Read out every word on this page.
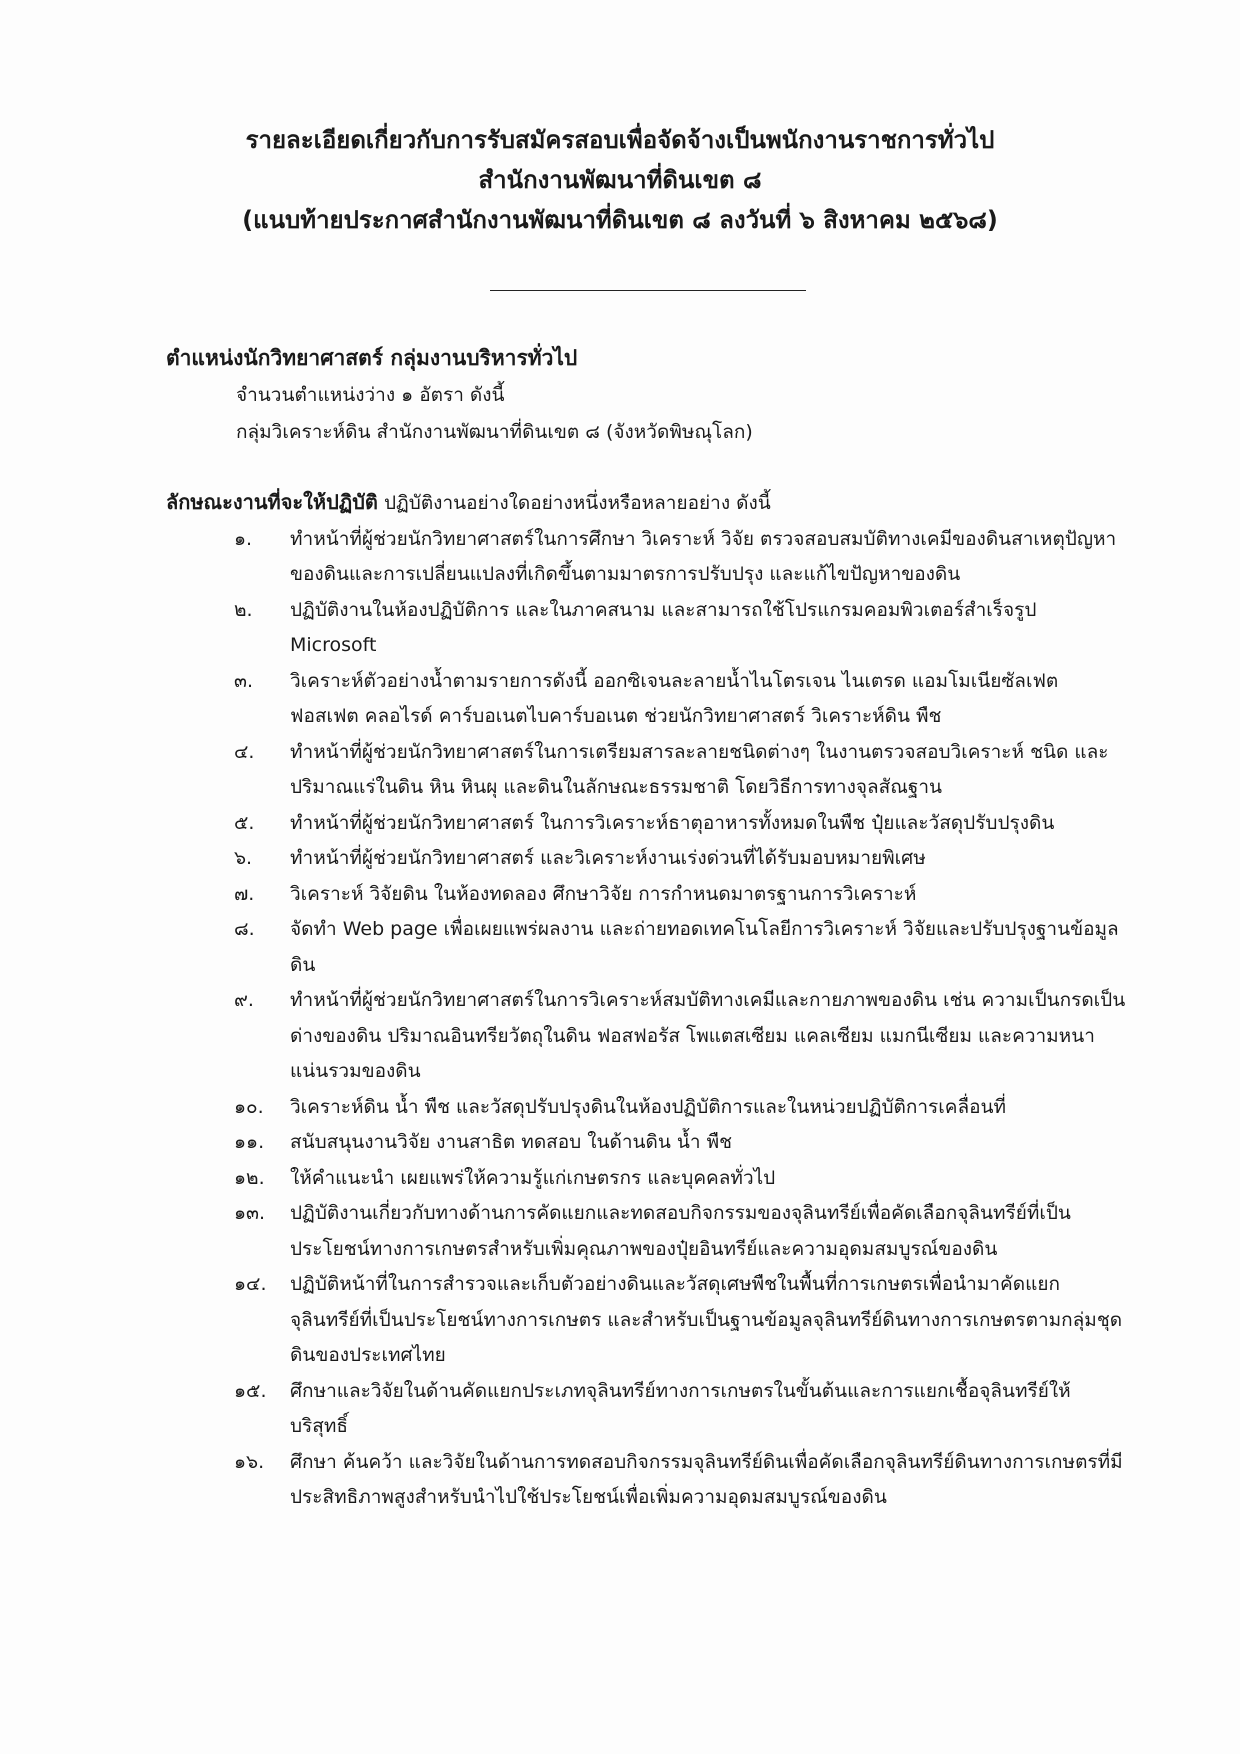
รายละเอียดเกี่ยวกับการรับสมัครสอบเพื่อจัดจ้างเป็นพนักงานราชการทั่วไป
สำนักงานพัฒนาที่ดินเขต ๘
(แนบท้ายประกาศสำนักงานพัฒนาที่ดินเขต ๘ ลงวันที่ ๖ สิงหาคม ๒๕๖๘)
ตำแหน่งนักวิทยาศาสตร์ กลุ่มงานบริหารทั่วไป
จำนวนตำแหน่งว่าง ๑ อัตรา ดังนี้
กลุ่มวิเคราะห์ดิน สำนักงานพัฒนาที่ดินเขต ๘ (จังหวัดพิษณุโลก)
ลักษณะงานที่จะให้ปฏิบัติ ปฏิบัติงานอย่างใดอย่างหนึ่งหรือหลายอย่าง ดังนี้
๑.	ทำหน้าที่ผู้ช่วยนักวิทยาศาสตร์ในการศึกษา วิเคราะห์ วิจัย ตรวจสอบสมบัติทางเคมีของดินสาเหตุปัญหาของดินและการเปลี่ยนแปลงที่เกิดขึ้นตามมาตรการปรับปรุง และแก้ไขปัญหาของดิน
๒.	ปฏิบัติงานในห้องปฏิบัติการ และในภาคสนาม และสามารถใช้โปรแกรมคอมพิวเตอร์สำเร็จรูป Microsoft
๓.	วิเคราะห์ตัวอย่างน้ำตามรายการดังนี้ ออกซิเจนละลายน้ำไนโตรเจน ไนเตรด แอมโมเนียซัลเฟต ฟอสเฟต คลอไรด์ คาร์บอเนตไบคาร์บอเนต ช่วยนักวิทยาศาสตร์ วิเคราะห์ดิน พืช
๔.	ทำหน้าที่ผู้ช่วยนักวิทยาศาสตร์ในการเตรียมสารละลายชนิดต่างๆ ในงานตรวจสอบวิเคราะห์ ชนิด และปริมาณแร่ในดิน หิน หินผุ และดินในลักษณะธรรมชาติ โดยวิธีการทางจุลสัณฐาน
๕.	ทำหน้าที่ผู้ช่วยนักวิทยาศาสตร์ ในการวิเคราะห์ธาตุอาหารทั้งหมดในพืช ปุ๋ยและวัสดุปรับปรุงดิน
๖.	ทำหน้าที่ผู้ช่วยนักวิทยาศาสตร์ และวิเคราะห์งานเร่งด่วนที่ได้รับมอบหมายพิเศษ
๗.	วิเคราะห์ วิจัยดิน ในห้องทดลอง ศึกษาวิจัย การกำหนดมาตรฐานการวิเคราะห์
๘.	จัดทำ Web page เพื่อเผยแพร่ผลงาน และถ่ายทอดเทคโนโลยีการวิเคราะห์ วิจัยและปรับปรุงฐานข้อมูลดิน
๙.	ทำหน้าที่ผู้ช่วยนักวิทยาศาสตร์ในการวิเคราะห์สมบัติทางเคมีและกายภาพของดิน เช่น ความเป็นกรดเป็นด่างของดิน ปริมาณอินทรียวัตถุในดิน ฟอสฟอรัส โพแตสเซียม แคลเซียม แมกนีเซียม และความหนาแน่นรวมของดิน
๑๐.	วิเคราะห์ดิน น้ำ พืช และวัสดุปรับปรุงดินในห้องปฏิบัติการและในหน่วยปฏิบัติการเคลื่อนที่
๑๑.	สนับสนุนงานวิจัย งานสาธิต ทดสอบ ในด้านดิน น้ำ พืช
๑๒.	ให้คำแนะนำ เผยแพร่ให้ความรู้แก่เกษตรกร และบุคคลทั่วไป
๑๓.	ปฏิบัติงานเกี่ยวกับทางด้านการคัดแยกและทดสอบกิจกรรมของจุลินทรีย์เพื่อคัดเลือกจุลินทรีย์ที่เป็นประโยชน์ทางการเกษตรสำหรับเพิ่มคุณภาพของปุ๋ยอินทรีย์และความอุดมสมบูรณ์ของดิน
๑๔.	ปฏิบัติหน้าที่ในการสำรวจและเก็บตัวอย่างดินและวัสดุเศษพืชในพื้นที่การเกษตรเพื่อนำมาคัดแยกจุลินทรีย์ที่เป็นประโยชน์ทางการเกษตร และสำหรับเป็นฐานข้อมูลจุลินทรีย์ดินทางการเกษตรตามกลุ่มชุดดินของประเทศไทย
๑๕.	ศึกษาและวิจัยในด้านคัดแยกประเภทจุลินทรีย์ทางการเกษตรในขั้นต้นและการแยกเชื้อจุลินทรีย์ให้บริสุทธิ์
๑๖.	ศึกษา ค้นคว้า และวิจัยในด้านการทดสอบกิจกรรมจุลินทรีย์ดินเพื่อคัดเลือกจุลินทรีย์ดินทางการเกษตรที่มีประสิทธิภาพสูงสำหรับนำไปใช้ประโยชน์เพื่อเพิ่มความอุดมสมบูรณ์ของดิน
